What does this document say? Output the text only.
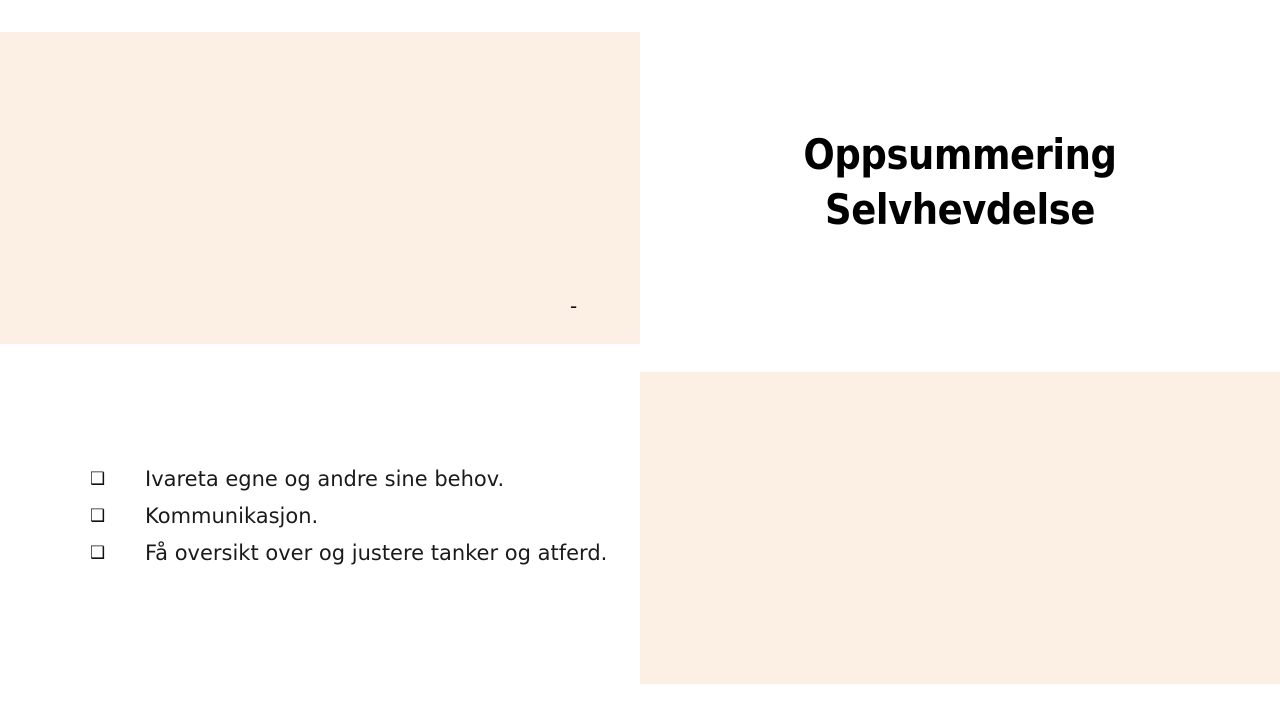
-
Oppsummering
Selvhevdelse
❑	Ivareta egne og andre sine behov.
❑	Kommunikasjon.
❑	Få oversikt over og justere tanker og atferd.
